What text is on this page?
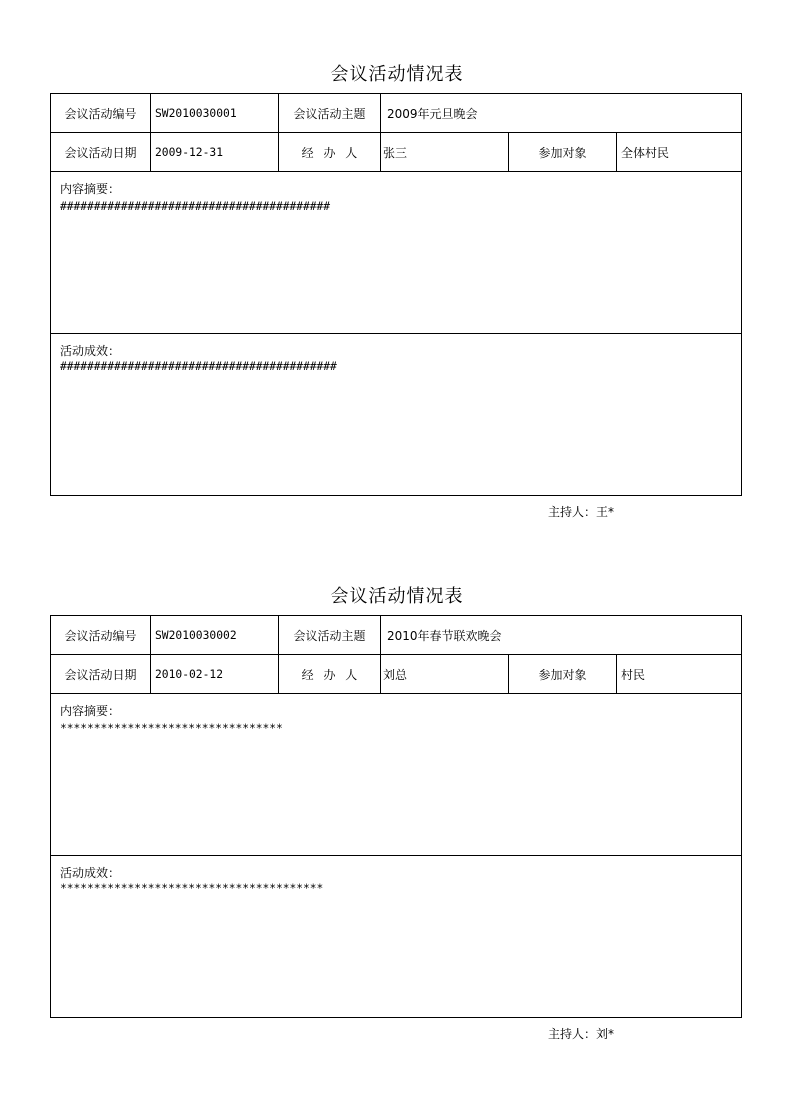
会议活动情况表
会议活动编号	SW2010030001	会议活动主题	2009年元旦晚会
会议活动日期	2009-12-31	经 办 人	张三	参加对象	全体村民
内容摘要：
########################################
活动成效：
#########################################
主持人：王*
会议活动情况表
会议活动编号	SW2010030002	会议活动主题	2010年春节联欢晚会
会议活动日期	2010-02-12	经 办 人	刘总	参加对象	村民
内容摘要：
*********************************
活动成效：
***************************************
主持人：刘*
